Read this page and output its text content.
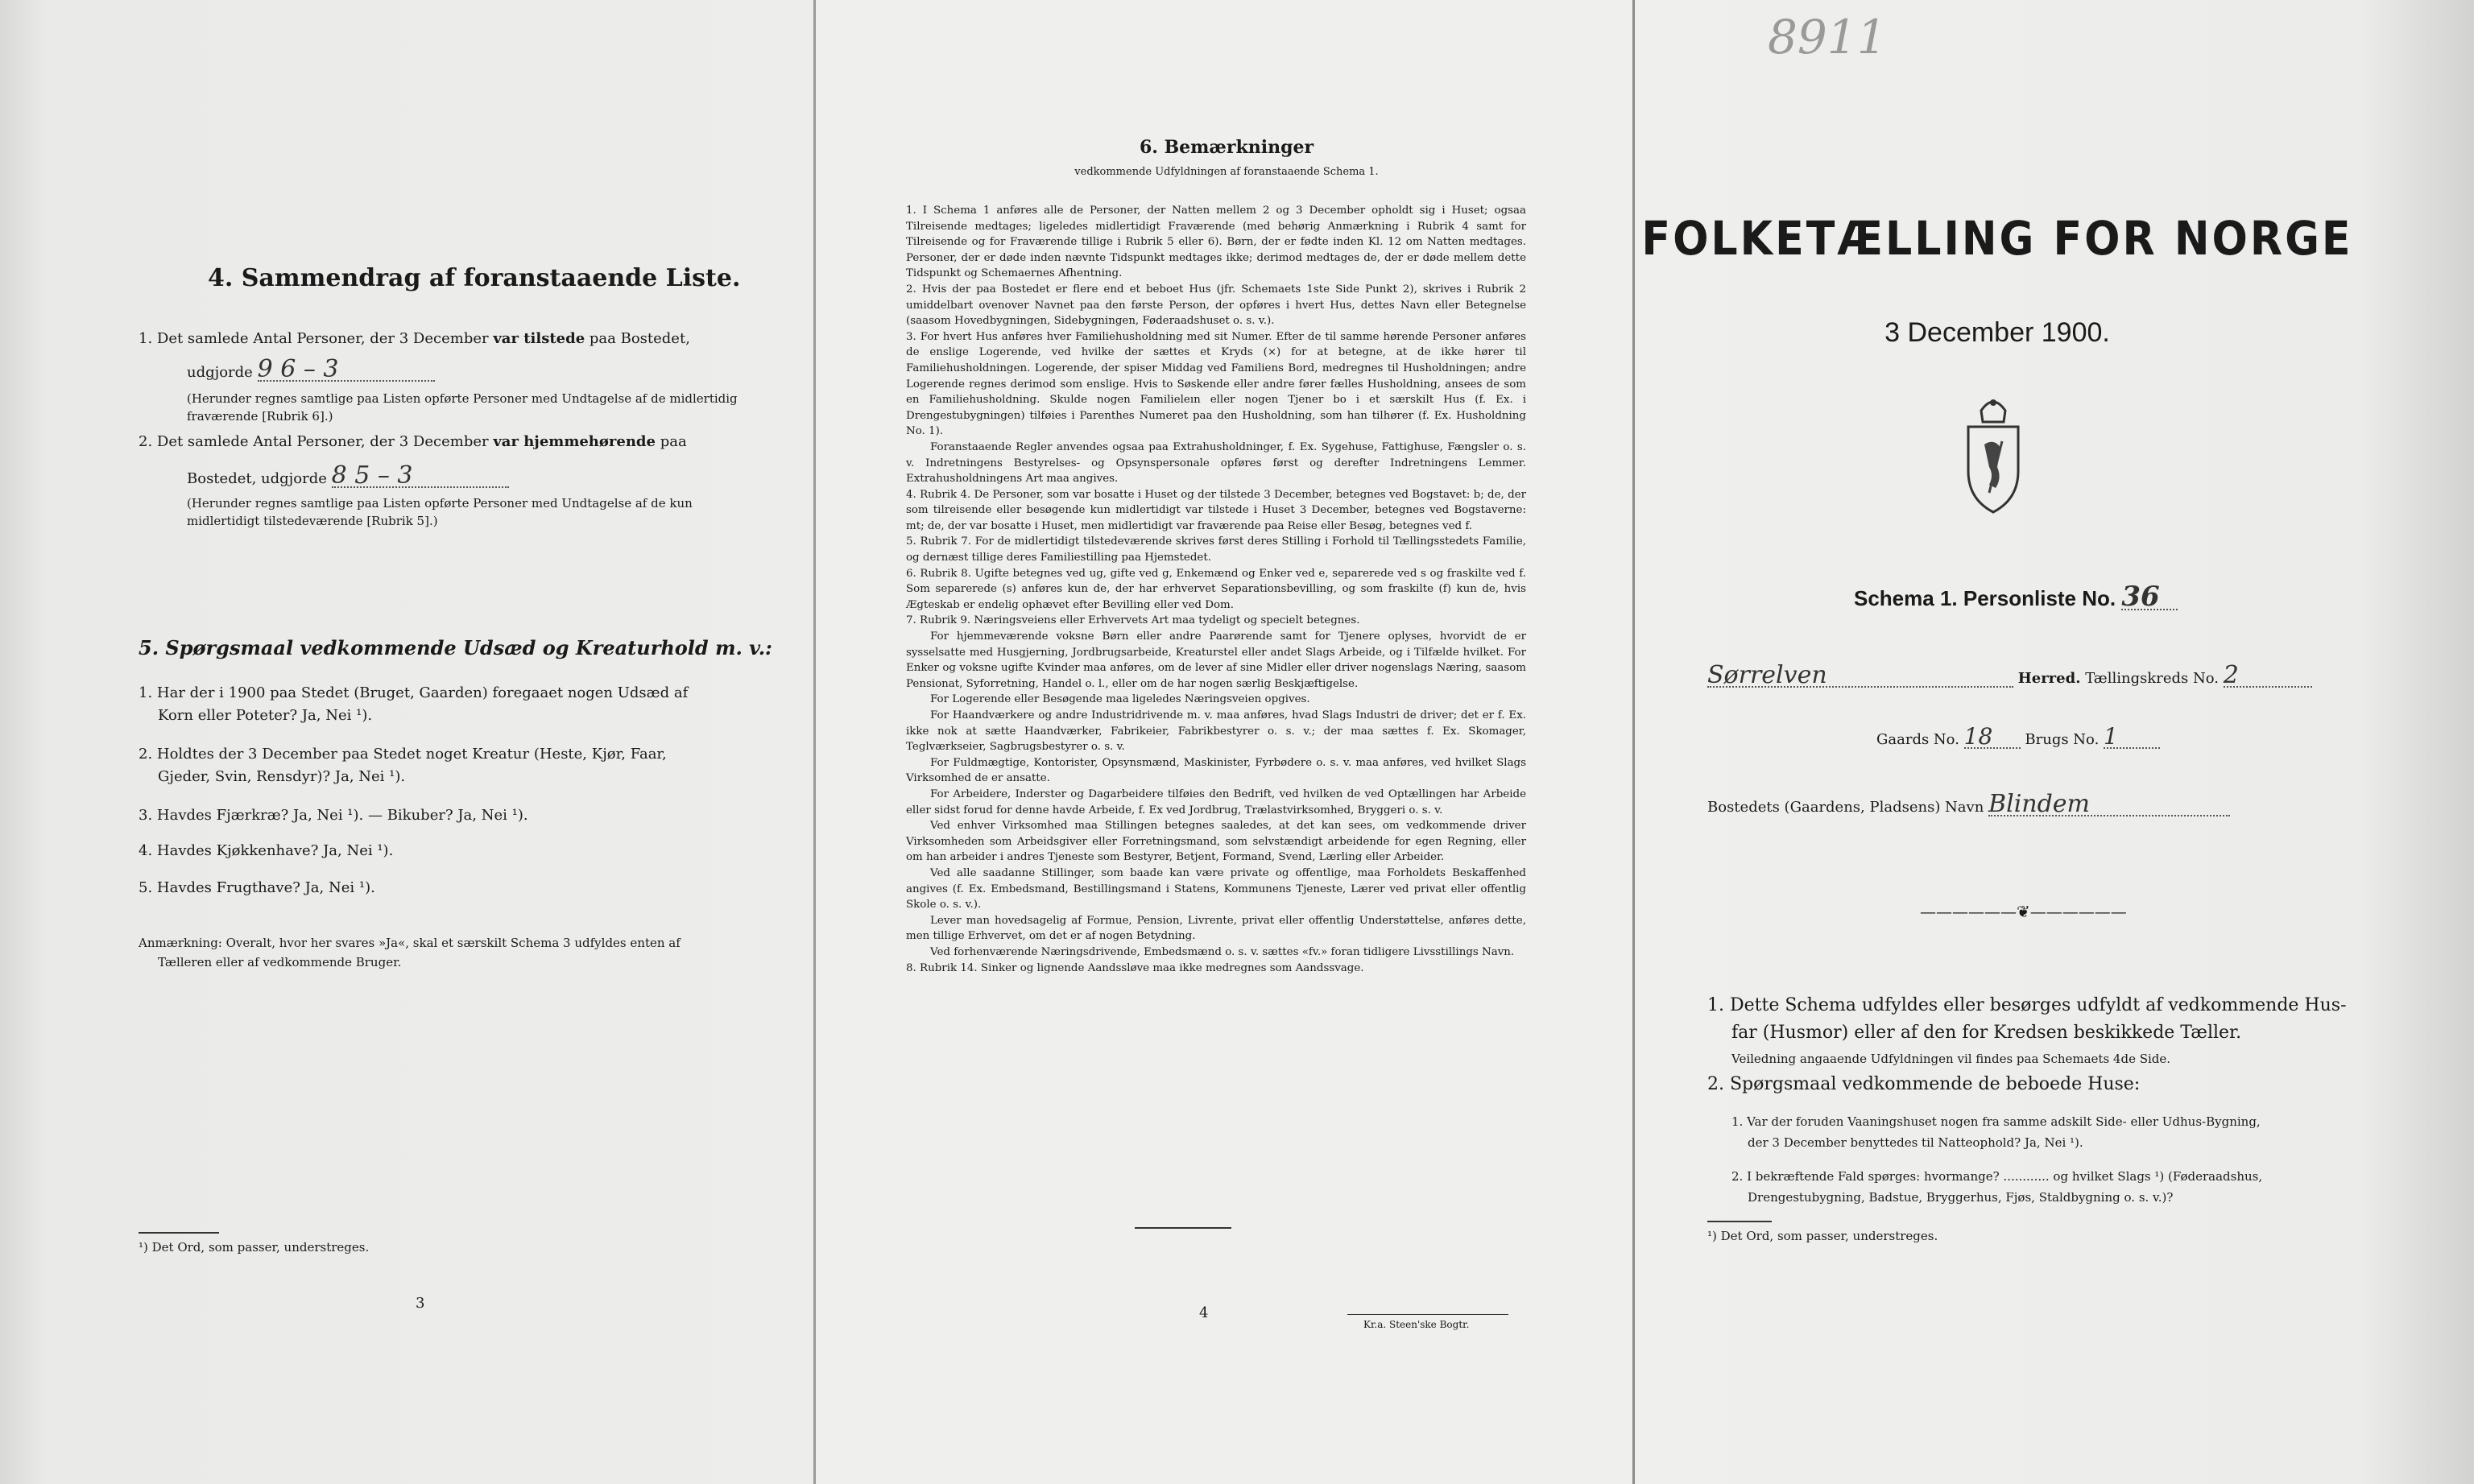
4. Sammendrag af foranstaaende Liste.
1. Det samlede Antal Personer, der 3 December var tilstede paa Bostedet,
udgjorde 9 6 – 3
(Herunder regnes samtlige paa Listen opførte Personer med Undtagelse af de midlertidig fraværende [Rubrik 6].)
2. Det samlede Antal Personer, der 3 December var hjemmehørende paa
Bostedet, udgjorde 8 5 – 3
(Herunder regnes samtlige paa Listen opførte Personer med Undtagelse af de kun midlertidigt tilstedeværende [Rubrik 5].)
5. Spørgsmaal vedkommende Udsæd og Kreaturhold m. v.:
1. Har der i 1900 paa Stedet (Bruget, Gaarden) foregaaet nogen Udsæd af
Korn eller Poteter? Ja, Nei ¹).
2. Holdtes der 3 December paa Stedet noget Kreatur (Heste, Kjør, Faar,
Gjeder, Svin, Rensdyr)? Ja, Nei ¹).
3. Havdes Fjærkræ? Ja, Nei ¹). — Bikuber? Ja, Nei ¹).
4. Havdes Kjøkkenhave? Ja, Nei ¹).
5. Havdes Frugthave? Ja, Nei ¹).
Anmærkning: Overalt, hvor her svares »Ja«, skal et særskilt Schema 3 udfyldes enten af
Tælleren eller af vedkommende Bruger.
¹) Det Ord, som passer, understreges.
3
6. Bemærkninger
vedkommende Udfyldningen af foranstaaende Schema 1.
1. I Schema 1 anføres alle de Personer, der Natten mellem 2 og 3 December opholdt sig i Huset; ogsaa Tilreisende medtages; ligeledes midlertidigt Fraværende (med behørig Anmærkning i Rubrik 4 samt for Tilreisende og for Fraværende tillige i Rubrik 5 eller 6). Børn, der er fødte inden Kl. 12 om Natten medtages. Personer, der er døde inden nævnte Tidspunkt medtages ikke; derimod medtages de, der er døde mellem dette Tidspunkt og Schemaernes Afhentning.
2. Hvis der paa Bostedet er flere end et beboet Hus (jfr. Schemaets 1ste Side Punkt 2), skrives i Rubrik 2 umiddelbart ovenover Navnet paa den første Person, der opføres i hvert Hus, dettes Navn eller Betegnelse (saasom Hovedbygningen, Sidebygningen, Føderaadshuset o. s. v.).
3. For hvert Hus anføres hver Familiehusholdning med sit Numer. Efter de til samme hørende Personer anføres de enslige Logerende, ved hvilke der sættes et Kryds (×) for at betegne, at de ikke hører til Familiehusholdningen. Logerende, der spiser Middag ved Familiens Bord, medregnes til Husholdningen; andre Logerende regnes derimod som enslige. Hvis to Søskende eller andre fører fælles Husholdning, ansees de som en Familiehusholdning. Skulde nogen Familieleın eller nogen Tjener bo i et særskilt Hus (f. Ex. i Drengestubygningen) tilføies i Parenthes Numeret paa den Husholdning, som han tilhører (f. Ex. Husholdning No. 1).
Foranstaaende Regler anvendes ogsaa paa Extrahusholdninger, f. Ex. Sygehuse, Fattighuse, Fængsler o. s. v. Indretningens Bestyrelses- og Opsynspersonale opføres først og derefter Indretningens Lemmer. Extrahusholdningens Art maa angives.
4. Rubrik 4. De Personer, som var bosatte i Huset og der tilstede 3 December, betegnes ved Bogstavet: b; de, der som tilreisende eller besøgende kun midlertidigt var tilstede i Huset 3 December, betegnes ved Bogstaverne: mt; de, der var bosatte i Huset, men midlertidigt var fraværende paa Reise eller Besøg, betegnes ved f.
5. Rubrik 7. For de midlertidigt tilstedeværende skrives først deres Stilling i Forhold til Tællingsstedets Familie, og dernæst tillige deres Familiestilling paa Hjemstedet.
6. Rubrik 8. Ugifte betegnes ved ug, gifte ved g, Enkemænd og Enker ved e, separerede ved s og fraskilte ved f. Som separerede (s) anføres kun de, der har erhvervet Separationsbevilling, og som fraskilte (f) kun de, hvis Ægteskab er endelig ophævet efter Bevilling eller ved Dom.
7. Rubrik 9. Næringsveiens eller Erhvervets Art maa tydeligt og specielt betegnes.
For hjemmeværende voksne Børn eller andre Paarørende samt for Tjenere oplyses, hvorvidt de er sysselsatte med Husgjerning, Jordbrugsarbeide, Kreaturstel eller andet Slags Arbeide, og i Tilfælde hvilket. For Enker og voksne ugifte Kvinder maa anføres, om de lever af sine Midler eller driver nogenslags Næring, saasom Pensionat, Syforretning, Handel o. l., eller om de har nogen særlig Beskjæftigelse.
For Logerende eller Besøgende maa ligeledes Næringsveien opgives.
For Haandværkere og andre Industridrivende m. v. maa anføres, hvad Slags Industri de driver; det er f. Ex. ikke nok at sætte Haandværker, Fabrikeier, Fabrikbestyrer o. s. v.; der maa sættes f. Ex. Skomager, Teglværkseier, Sagbrugsbestyrer o. s. v.
For Fuldmægtige, Kontorister, Opsynsmænd, Maskinister, Fyrbødere o. s. v. maa anføres, ved hvilket Slags Virksomhed de er ansatte.
For Arbeidere, Inderster og Dagarbeidere tilføies den Bedrift, ved hvilken de ved Optællingen har Arbeide eller sidst forud for denne havde Arbeide, f. Ex ved Jordbrug, Trælastvirksomhed, Bryggeri o. s. v.
Ved enhver Virksomhed maa Stillingen betegnes saaledes, at det kan sees, om vedkommende driver Virksomheden som Arbeidsgiver eller Forretningsmand, som selvstændigt arbeidende for egen Regning, eller om han arbeider i andres Tjeneste som Bestyrer, Betjent, Formand, Svend, Lærling eller Arbeider.
Ved alle saadanne Stillinger, som baade kan være private og offentlige, maa Forholdets Beskaffenhed angives (f. Ex. Embedsmand, Bestillingsmand i Statens, Kommunens Tjeneste, Lærer ved privat eller offentlig Skole o. s. v.).
Lever man hovedsagelig af Formue, Pension, Livrente, privat eller offentlig Understøttelse, anføres dette, men tillige Erhvervet, om det er af nogen Betydning.
Ved forhenværende Næringsdrivende, Embedsmænd o. s. v. sættes «fv.» foran tidligere Livsstillings Navn.
8. Rubrik 14. Sinker og lignende Aandssløve maa ikke medregnes som Aandssvage.
4
Kr.a. Steen'ske Bogtr.
8911
FOLKETÆLLING FOR NORGE
3 December 1900.
Schema 1. Personliste No. 36
Sørrelven	Herred. Tællingskreds No. 2
Gaards No. 18 Brugs No. 1
Bostedets (Gaardens, Pladsens) Navn Blindem
——————❦——————
1. Dette Schema udfyldes eller besørges udfyldt af vedkommende Hus-
far (Husmor) eller af den for Kredsen beskikkede Tæller.
Veiledning angaaende Udfyldningen vil findes paa Schemaets 4de Side.
2. Spørgsmaal vedkommende de beboede Huse:
1. Var der foruden Vaaningshuset nogen fra samme adskilt Side- eller Udhus-Bygning,
der 3 December benyttedes til Natteophold? Ja, Nei ¹).
2. I bekræftende Fald spørges: hvormange? ............ og hvilket Slags ¹) (Føderaadshus,
Drengestubygning, Badstue, Bryggerhus, Fjøs, Staldbygning o. s. v.)?
¹) Det Ord, som passer, understreges.
